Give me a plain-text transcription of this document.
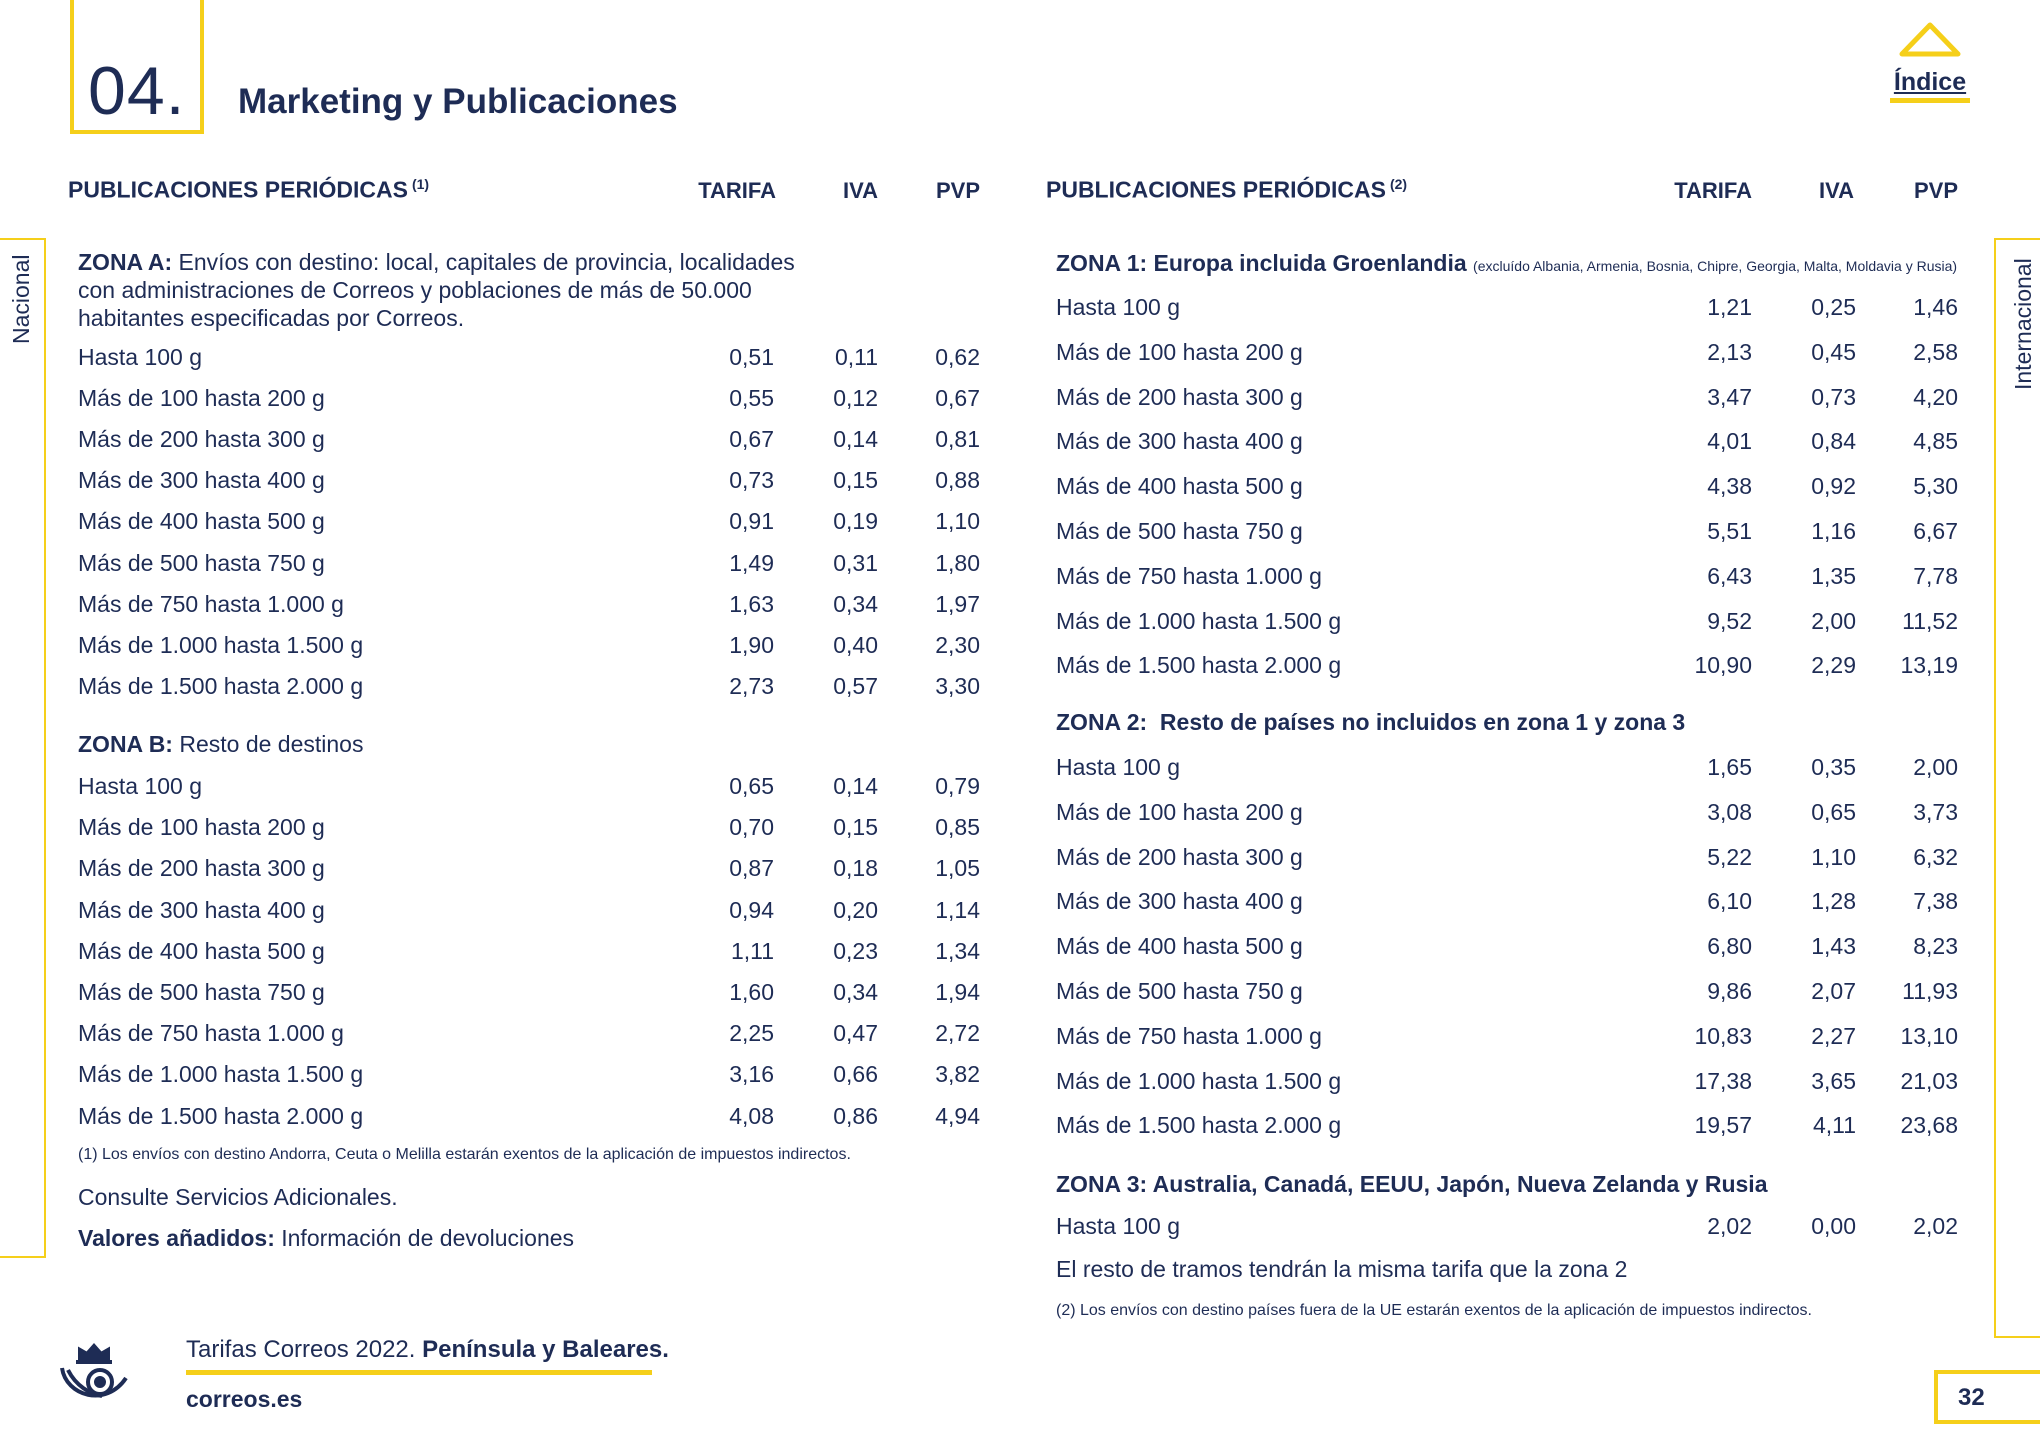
04. Marketing y Publicaciones	Índice
Nacional	Internacional
PUBLICACIONES PERIÓDICAS $^{(1)}$	TARIFA	IVA	PVP
ZONA A: Envíos con destino: local, capitales de provincia, localidades
con administraciones de Correos y poblaciones de más de 50.000
habitantes especificadas por Correos.
Hasta 100 g	0,51	0,11	0,62
Más de 100 hasta 200 g	0,55	0,12	0,67
Más de 200 hasta 300 g	0,67	0,14	0,81
Más de 300 hasta 400 g	0,73	0,15	0,88
Más de 400 hasta 500 g	0,91	0,19	1,10
Más de 500 hasta 750 g	1,49	0,31	1,80
Más de 750 hasta 1.000 g	1,63	0,34	1,97
Más de 1.000 hasta 1.500 g	1,90	0,40	2,30
Más de 1.500 hasta 2.000 g	2,73	0,57	3,30
ZONA B: Resto de destinos
Hasta 100 g	0,65	0,14	0,79
Más de 100 hasta 200 g	0,70	0,15	0,85
Más de 200 hasta 300 g	0,87	0,18	1,05
Más de 300 hasta 400 g	0,94	0,20	1,14
Más de 400 hasta 500 g	1,11	0,23	1,34
Más de 500 hasta 750 g	1,60	0,34	1,94
Más de 750 hasta 1.000 g	2,25	0,47	2,72
Más de 1.000 hasta 1.500 g	3,16	0,66	3,82
Más de 1.500 hasta 2.000 g	4,08	0,86	4,94
(1) Los envíos con destino Andorra, Ceuta o Melilla estarán exentos de la aplicación de impuestos indirectos.
Consulte Servicios Adicionales.
Valores añadidos: Información de devoluciones
PUBLICACIONES PERIÓDICAS $^{(2)}$	TARIFA	IVA	PVP
ZONA 1: Europa incluida Groenlandia (excluído Albania, Armenia, Bosnia, Chipre, Georgia, Malta, Moldavia y Rusia)
Hasta 100 g	1,21	0,25	1,46
Más de 100 hasta 200 g	2,13	0,45	2,58
Más de 200 hasta 300 g	3,47	0,73	4,20
Más de 300 hasta 400 g	4,01	0,84	4,85
Más de 400 hasta 500 g	4,38	0,92	5,30
Más de 500 hasta 750 g	5,51	1,16	6,67
Más de 750 hasta 1.000 g	6,43	1,35	7,78
Más de 1.000 hasta 1.500 g	9,52	2,00	11,52
Más de 1.500 hasta 2.000 g	10,90	2,29	13,19
ZONA 2:  Resto de países no incluidos en zona 1 y zona 3
Hasta 100 g	1,65	0,35	2,00
Más de 100 hasta 200 g	3,08	0,65	3,73
Más de 200 hasta 300 g	5,22	1,10	6,32
Más de 300 hasta 400 g	6,10	1,28	7,38
Más de 400 hasta 500 g	6,80	1,43	8,23
Más de 500 hasta 750 g	9,86	2,07	11,93
Más de 750 hasta 1.000 g	10,83	2,27	13,10
Más de 1.000 hasta 1.500 g	17,38	3,65	21,03
Más de 1.500 hasta 2.000 g	19,57	4,11	23,68
ZONA 3: Australia, Canadá, EEUU, Japón, Nueva Zelanda y Rusia
Hasta 100 g	2,02	0,00	2,02
El resto de tramos tendrán la misma tarifa que la zona 2
(2) Los envíos con destino países fuera de la UE estarán exentos de la aplicación de impuestos indirectos.
Tarifas Correos 2022. Península y Baleares.
correos.es	32
